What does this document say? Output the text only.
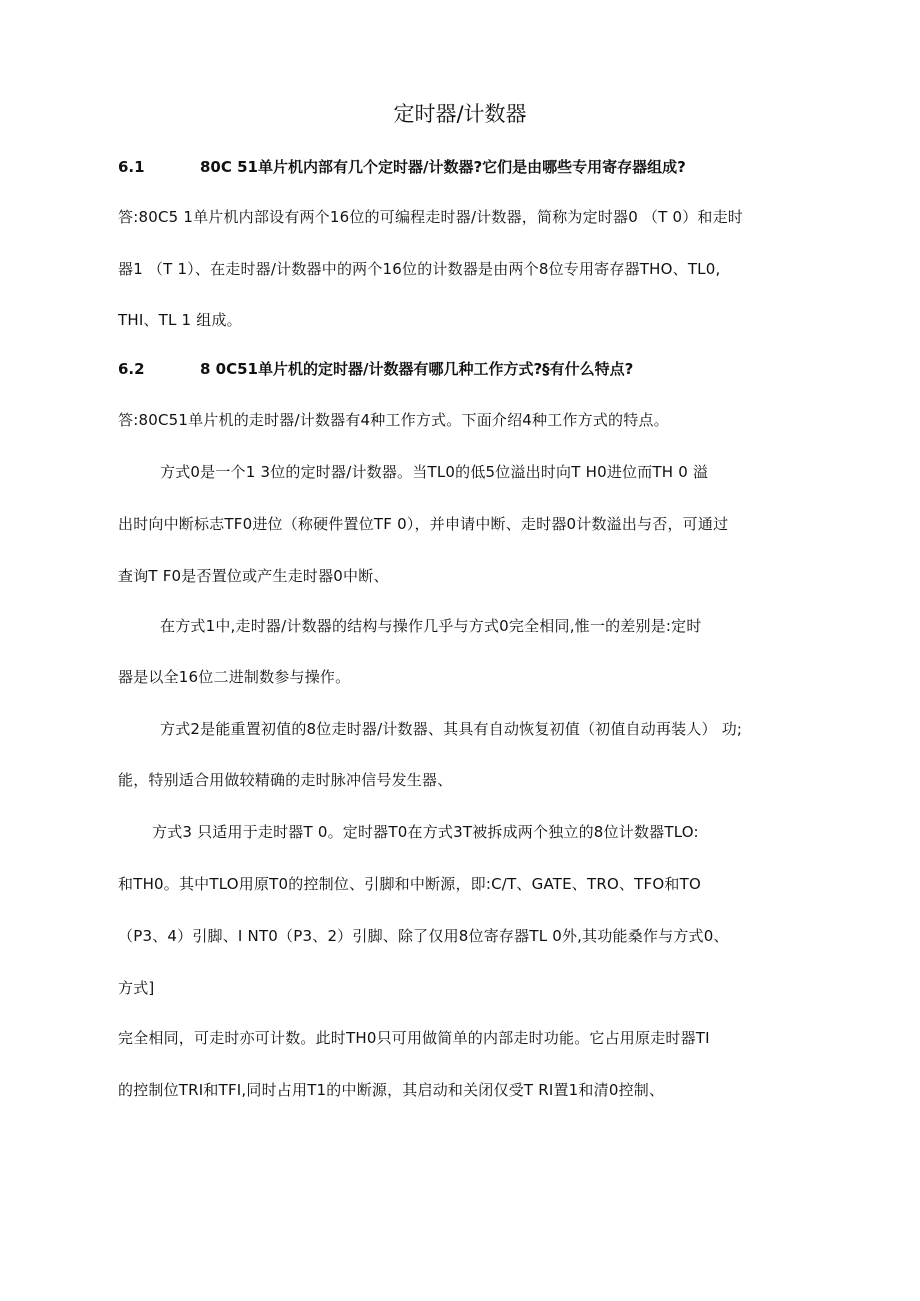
定时器/计数器
6.1	80C 51单片机内部有几个定时器/计数器?它们是由哪些专用寄存器组成?
答:80C5 1单片机内部设有两个16位的可编程走时器/计数器，简称为定时器0 （T 0）和走时
器1 （T 1）、在走时器/计数器中的两个16位的计数器是由两个8位专用寄存器THO、TL0,
THI、TL 1 组成。
6.2	8 0C51单片机的定时器/计数器有哪几种工作方式?§有什么特点?
答:80C51单片机的走时器/计数器有4种工作方式。下面介绍4种工作方式的特点。
方式0是一个1 3位的定时器/计数器。当TL0的低5位溢出时向T H0进位而TH 0 溢
出时向中断标志TF0进位（称硬件置位TF 0），并申请中断、走时器0计数溢出与否，可通过
查询T F0是否置位或产生走时器0中断、
在方式1中,走时器/计数器的结构与操作几乎与方式0完全相同,惟一的差别是:定时
器是以全16位二进制数参与操作。
方式2是能重置初值的8位走时器/计数器、其具有自动恢复初值（初值自动再装人） 功;
能，特别适合用做较精确的走时脉冲信号发生器、
方式3 只适用于走时器T 0。定时器T0在方式3T被拆成两个独立的8位计数器TLO:
和TH0。其中TLO用原T0的控制位、引脚和中断源，即:C/T、GATE、TRO、TFO和TO
（P3、4）引脚、I NT0（P3、2）引脚、除了仅用8位寄存器TL 0外,其功能桑作与方式0、
方式]
完全相同，可走时亦可计数。此时TH0只可用做简单的内部走时功能。它占用原走时器TI
的控制位TRI和TFI,同时占用T1的中断源，其启动和关闭仅受T RI置1和清0控制、
